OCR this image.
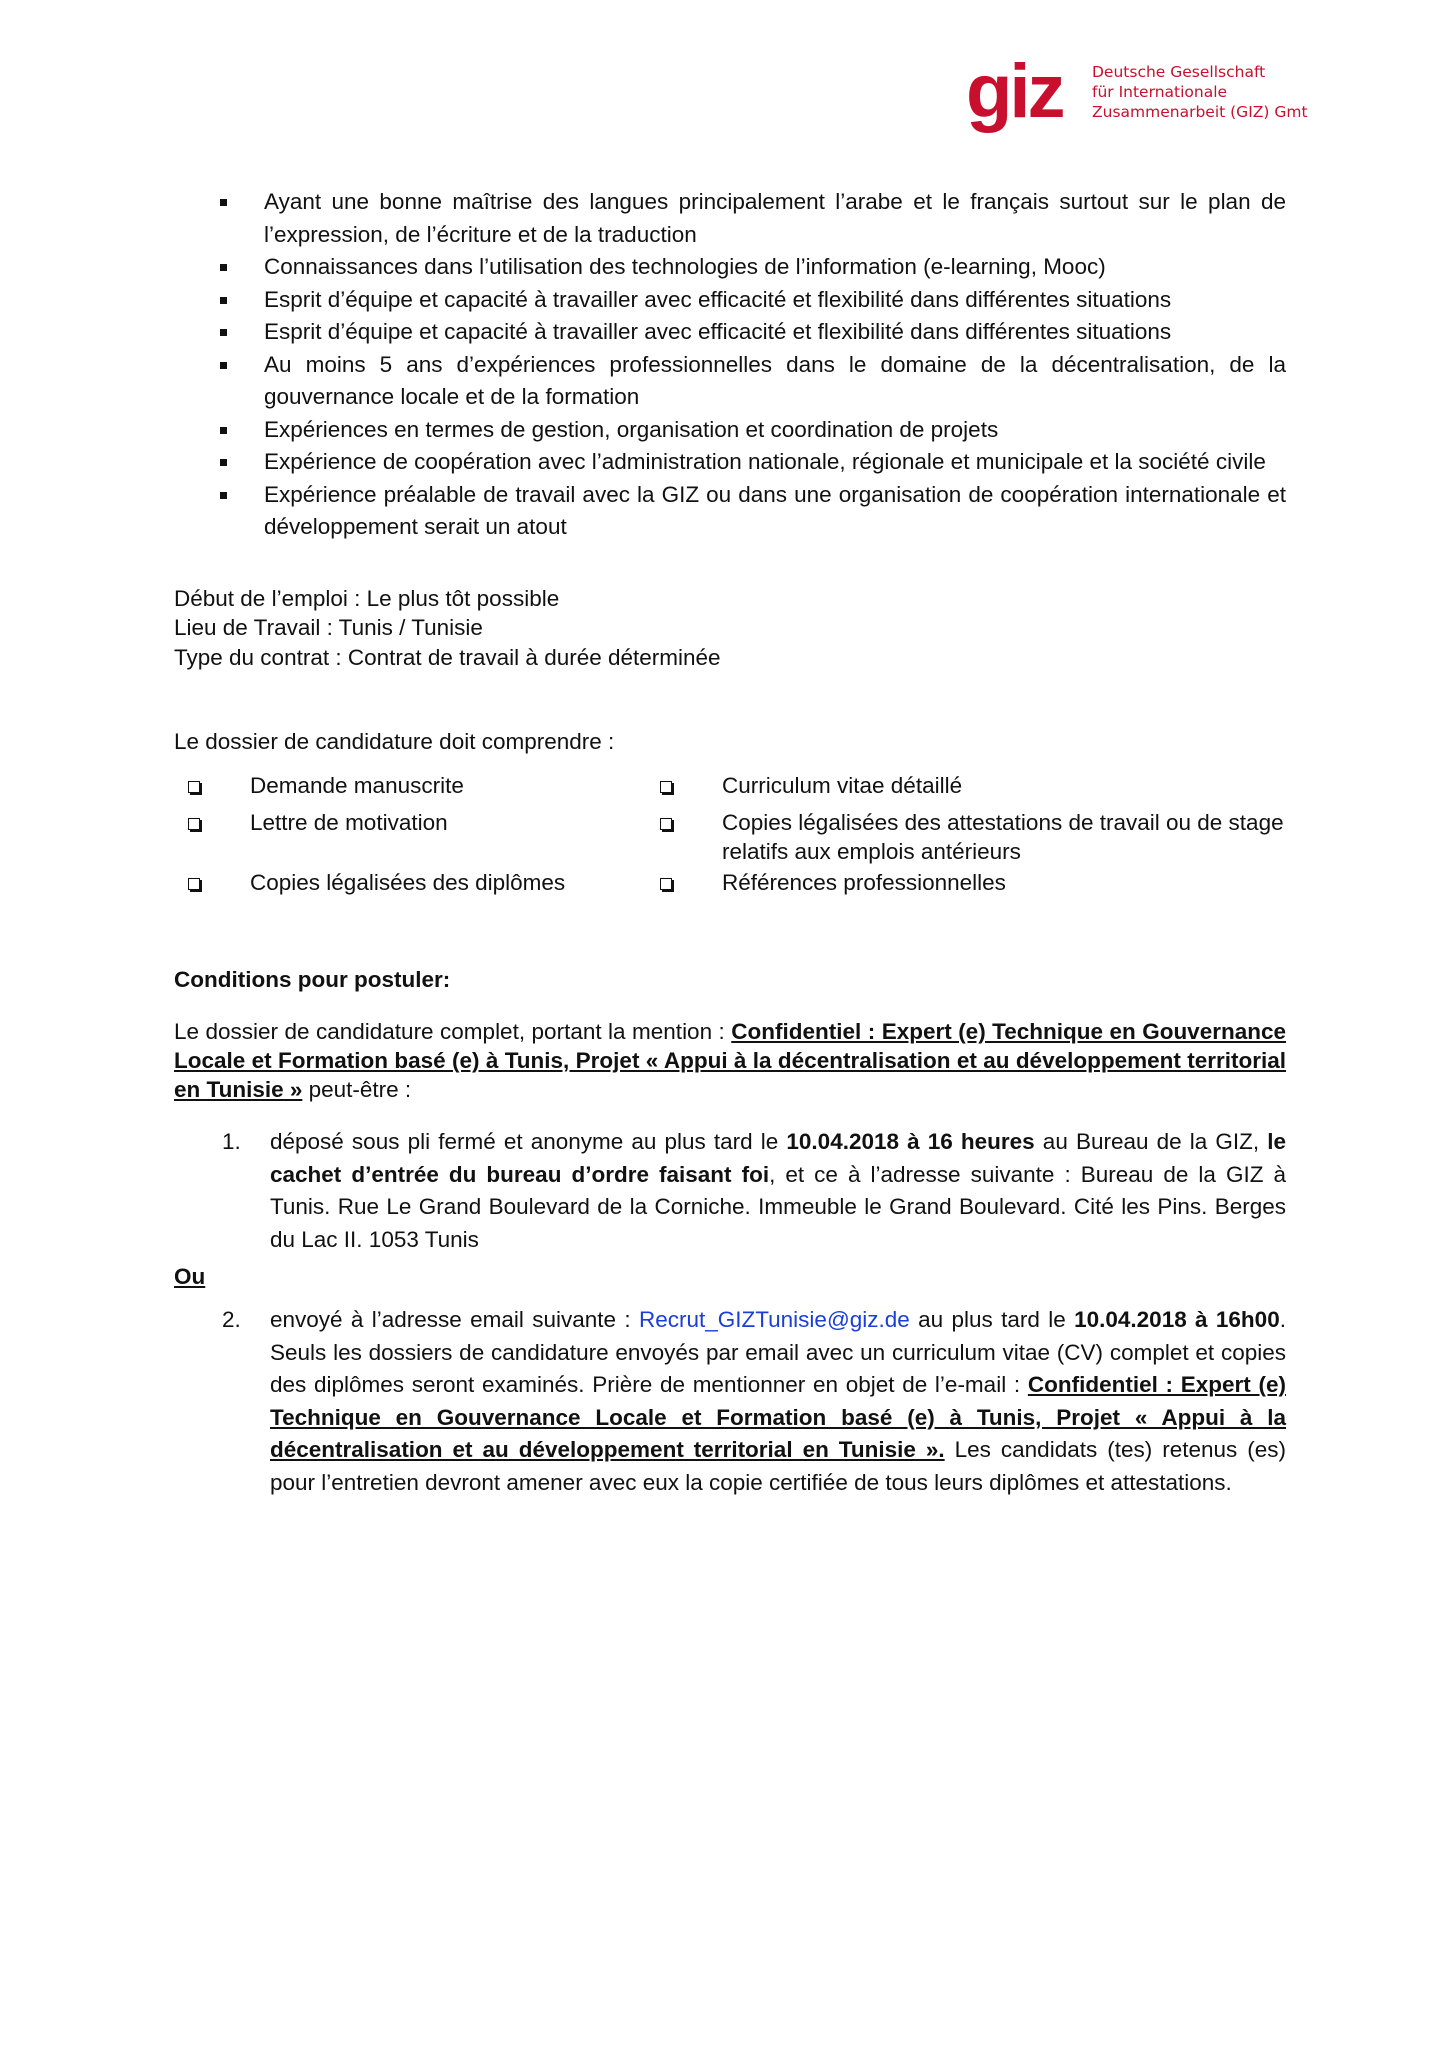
giz Deutsche Gesellschaft
für Internationale
Zusammenarbeit (GIZ) Gmt
Ayant une bonne maîtrise des langues principalement l’arabe et le français surtout sur le plan de l’expression, de l’écriture et de la traduction
Connaissances dans l’utilisation des technologies de l’information (e-learning, Mooc)
Esprit d’équipe et capacité à travailler avec efficacité et flexibilité dans différentes situations
Esprit d’équipe et capacité à travailler avec efficacité et flexibilité dans différentes situations
Au moins 5 ans d’expériences professionnelles dans le domaine de la décentralisation, de la gouvernance locale et de la formation
Expériences en termes de gestion, organisation et coordination de projets
Expérience de coopération avec l’administration nationale, régionale et municipale et la société civile
Expérience préalable de travail avec la GIZ ou dans une organisation de coopération internationale et développement serait un atout
Début de l’emploi : Le plus tôt possible
Lieu de Travail : Tunis / Tunisie
Type du contrat : Contrat de travail à durée déterminée
Le dossier de candidature doit comprendre :
Demande manuscrite	Curriculum vitae détaillé
Lettre de motivation	Copies légalisées des attestations de travail ou de stage relatifs aux emplois antérieurs
Copies légalisées des diplômes	Références professionnelles
Conditions pour postuler:
Le dossier de candidature complet, portant la mention : Confidentiel : Expert (e) Technique en Gouvernance Locale et Formation basé (e) à Tunis, Projet « Appui à la décentralisation et au développement territorial en Tunisie » peut-être :
1. déposé sous pli fermé et anonyme au plus tard le 10.04.2018 à 16 heures au Bureau de la GIZ, le cachet d’entrée du bureau d’ordre faisant foi, et ce à l’adresse suivante : Bureau de la GIZ à Tunis. Rue Le Grand Boulevard de la Corniche. Immeuble le Grand Boulevard. Cité les Pins. Berges du Lac II. 1053 Tunis
Ou
2. envoyé à l’adresse email suivante : Recrut_GIZTunisie@giz.de au plus tard le 10.04.2018 à 16h00. Seuls les dossiers de candidature envoyés par email avec un curriculum vitae (CV) complet et copies des diplômes seront examinés. Prière de mentionner en objet de l’e-mail : Confidentiel : Expert (e) Technique en Gouvernance Locale et Formation basé (e) à Tunis, Projet « Appui à la décentralisation et au développement territorial en Tunisie ». Les candidats (tes) retenus (es) pour l’entretien devront amener avec eux la copie certifiée de tous leurs diplômes et attestations.
